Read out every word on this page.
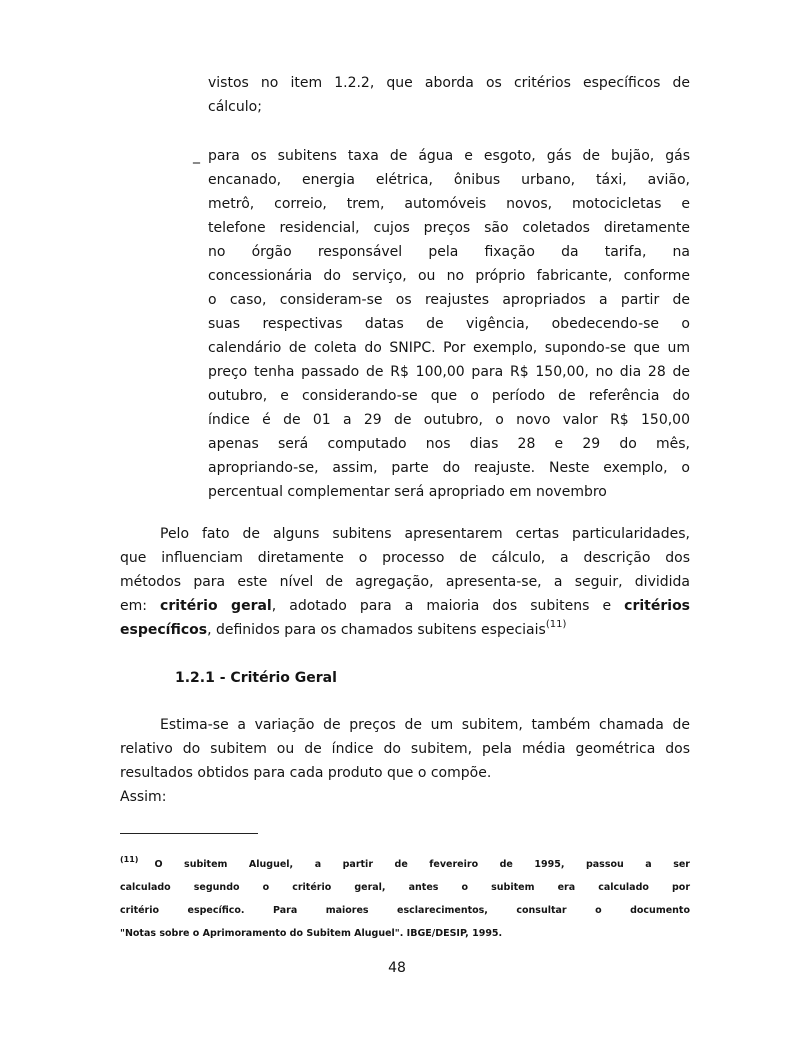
vistos no item 1.2.2, que aborda os critérios específicos de
cálculo;
_ para os subitens taxa de água e esgoto, gás de bujão, gás
encanado, energia elétrica, ônibus urbano, táxi, avião,
metrô, correio, trem, automóveis novos, motocicletas e
telefone residencial, cujos preços são coletados diretamente
no órgão responsável pela fixação da tarifa, na
concessionária do serviço, ou no próprio fabricante, conforme
o caso, consideram-se os reajustes apropriados a partir de
suas respectivas datas de vigência, obedecendo-se o
calendário de coleta do SNIPC. Por exemplo, supondo-se que um
preço tenha passado de R$ 100,00 para R$ 150,00, no dia 28 de
outubro, e considerando-se que o período de referência do
índice é de 01 a 29 de outubro, o novo valor R$ 150,00
apenas será computado nos dias 28 e 29 do mês,
apropriando-se, assim, parte do reajuste. Neste exemplo, o
percentual complementar será apropriado em novembro
Pelo fato de alguns subitens apresentarem certas particularidades,
que influenciam diretamente o processo de cálculo, a descrição dos
métodos para este nível de agregação, apresenta-se, a seguir, dividida
em: critério geral, adotado para a maioria dos subitens e critérios
específicos, definidos para os chamados subitens especiais$^{(11)}$
1.2.1 - Critério Geral
Estima-se a variação de preços de um subitem, também chamada de
relativo do subitem ou de índice do subitem, pela média geométrica dos
resultados obtidos para cada produto que o compõe.
Assim:
$^{(11)}$ O subitem Aluguel, a partir de fevereiro de 1995, passou a ser
calculado segundo o critério geral, antes o subitem era calculado por
critério específico. Para maiores esclarecimentos, consultar o documento
"Notas sobre o Aprimoramento do Subitem Aluguel". IBGE/DESIP, 1995.
48
